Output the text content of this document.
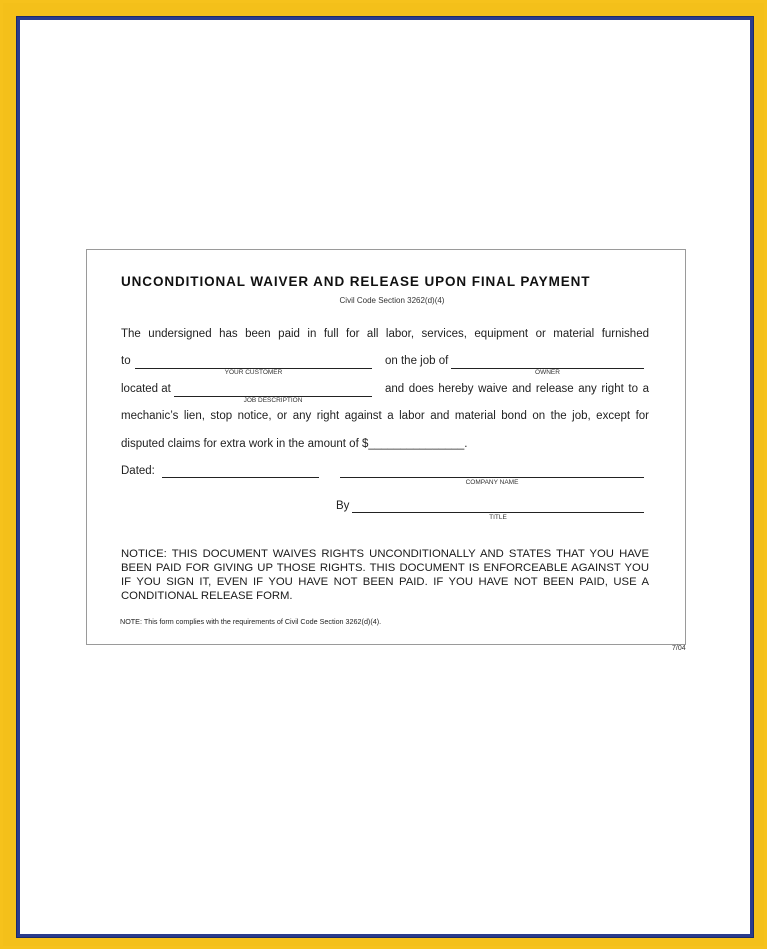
UNCONDITIONAL WAIVER AND RELEASE UPON FINAL PAYMENT
Civil Code Section 3262(d)(4)
The undersigned has been paid in full for all labor, services, equipment or material furnished
to
YOUR CUSTOMER
on the job of
OWNER
located at
JOB DESCRIPTION
and does hereby waive and release any right to a
mechanic’s lien, stop notice, or any right against a labor and material bond on the job, except for
disputed claims for extra work in the amount of $_______________.
Dated:
COMPANY NAME
By
TITLE
NOTICE: THIS DOCUMENT WAIVES RIGHTS UNCONDITIONALLY AND STATES THAT YOU HAVE BEEN PAID FOR GIVING UP THOSE RIGHTS. THIS DOCUMENT IS ENFORCEABLE AGAINST YOU IF YOU SIGN IT, EVEN IF YOU HAVE NOT BEEN PAID. IF YOU HAVE NOT BEEN PAID, USE A CONDITIONAL RELEASE FORM.
NOTE: This form complies with the requirements of Civil Code Section 3262(d)(4).
7/04
